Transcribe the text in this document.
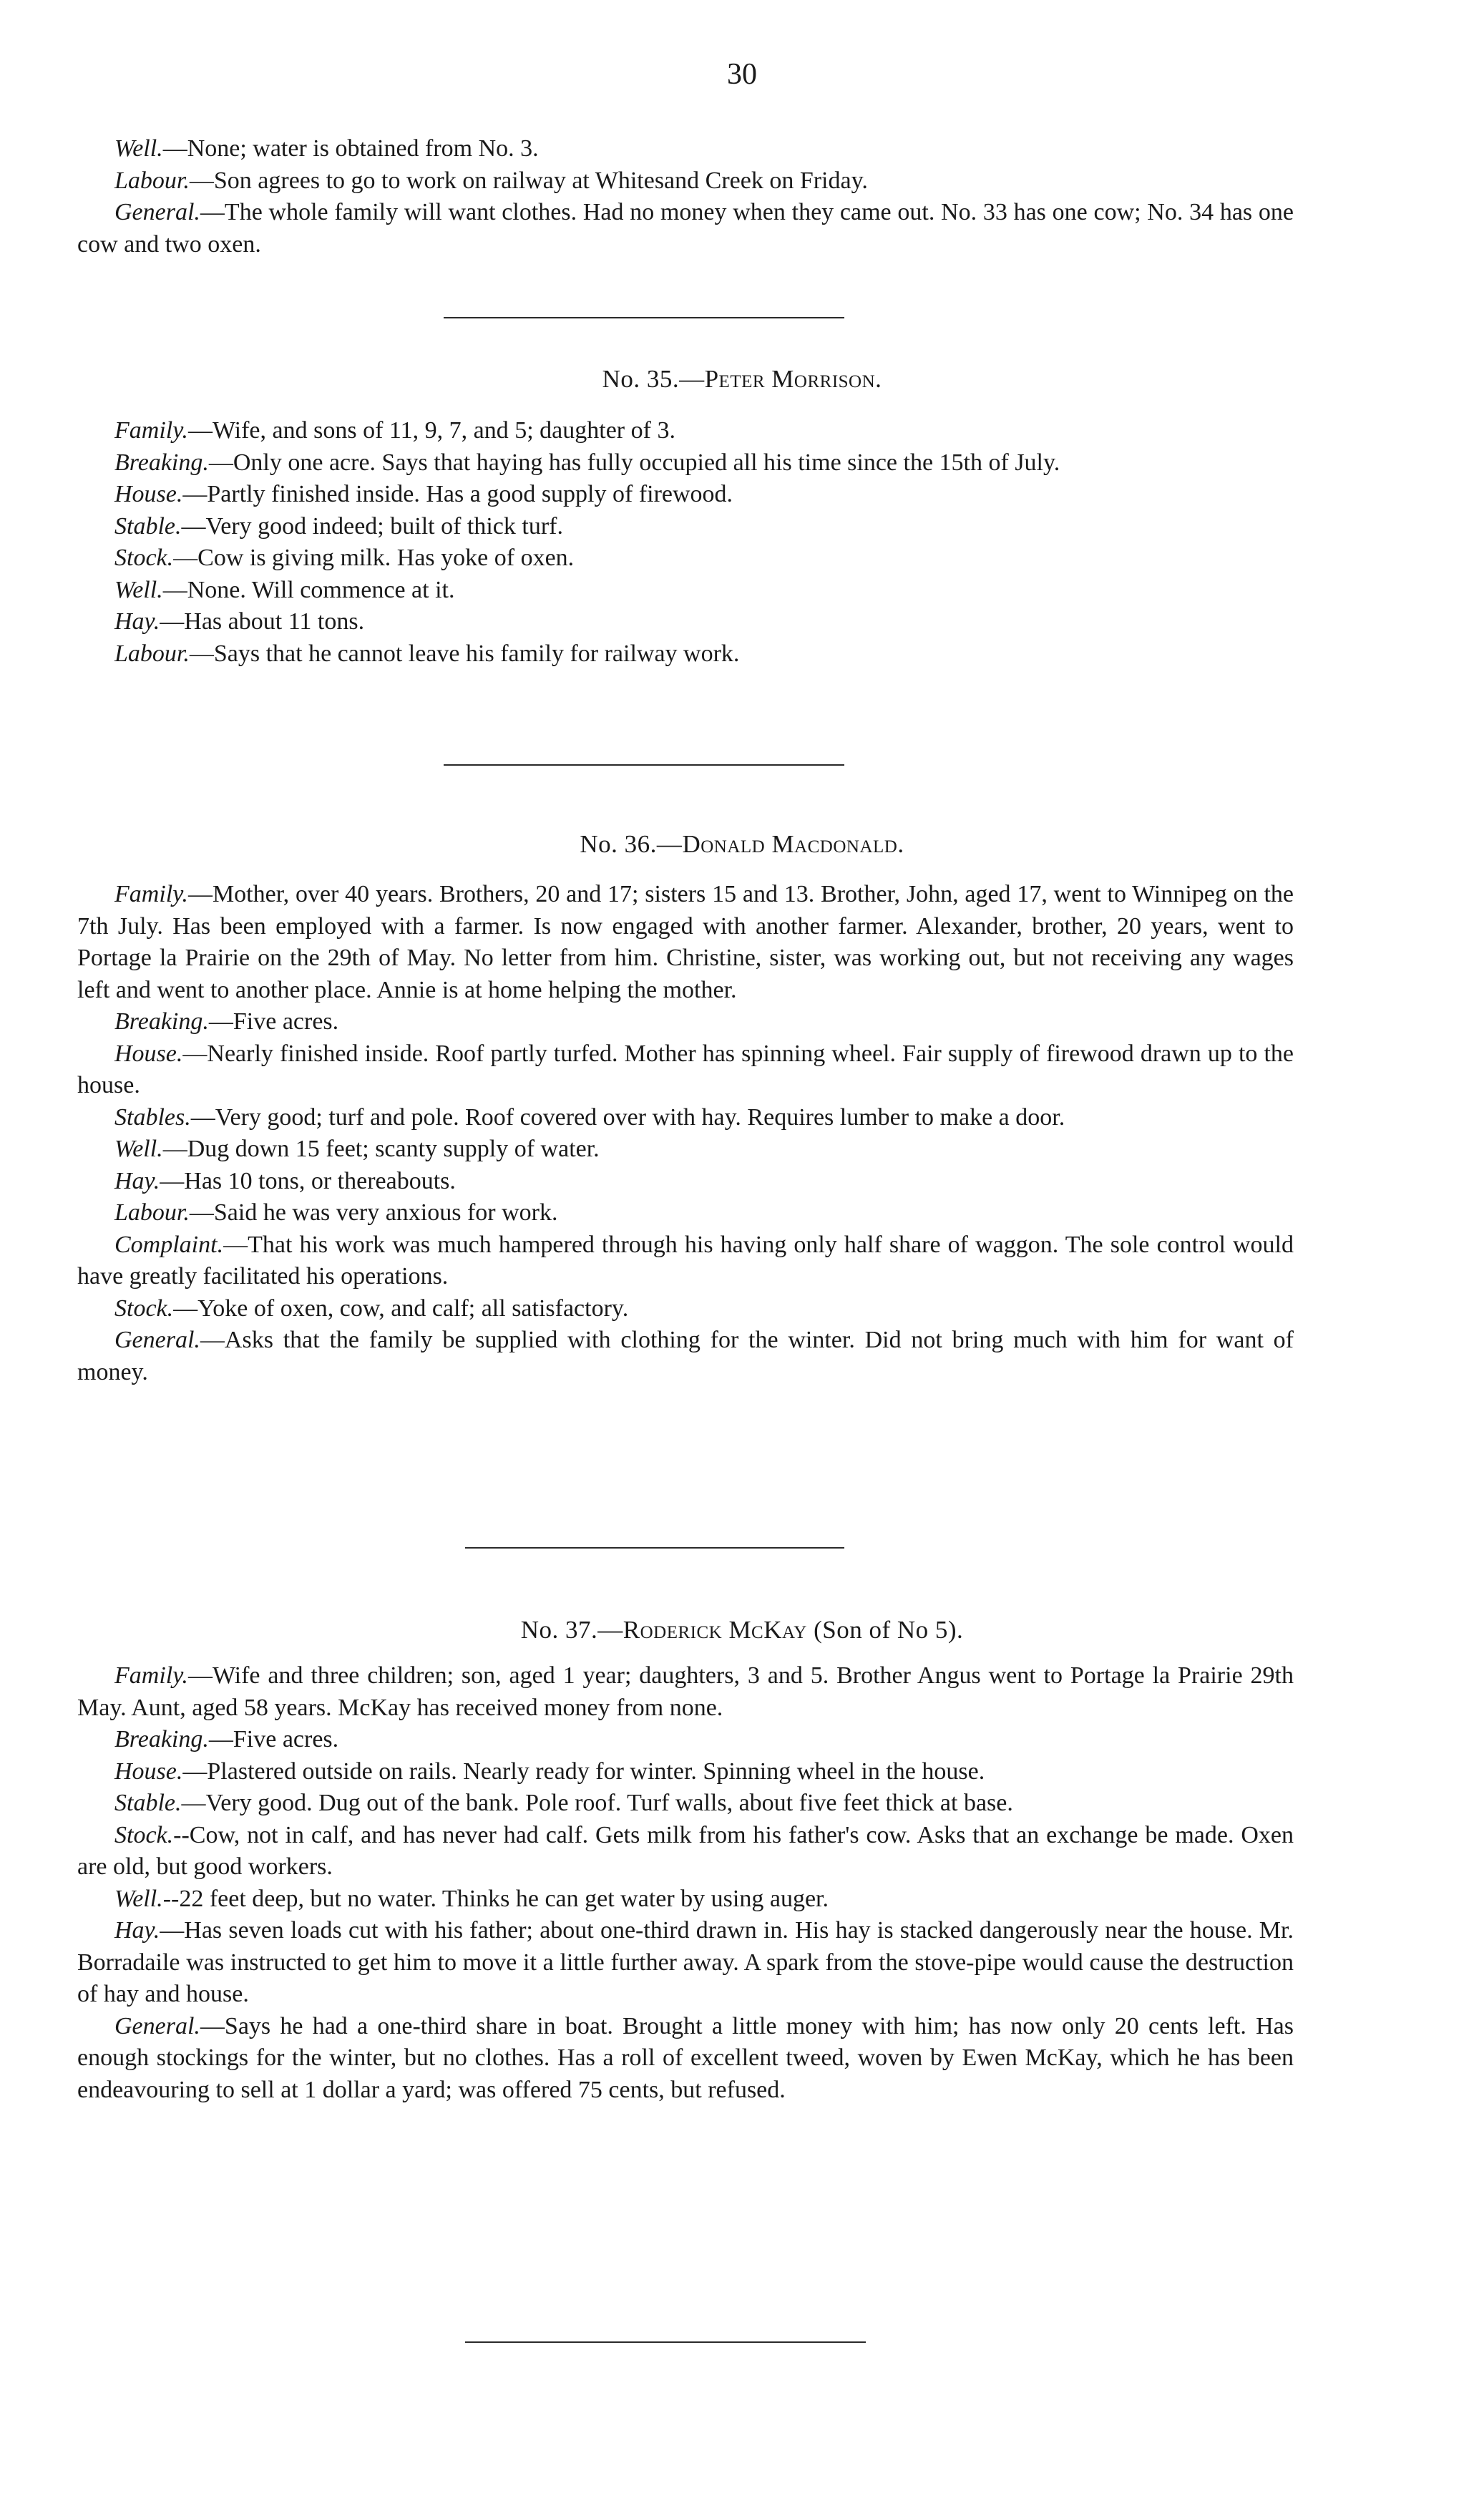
30

Well.—None; water is obtained from No. 3.

Labour.—Son agrees to go to work on railway at Whitesand Creek on Friday.

General.—The whole family will want clothes. Had no money when they came out. No. 33 has one cow; No. 34 has one cow and two oxen.

No. 35.—Peter Morrison.

Family.—Wife, and sons of 11, 9, 7, and 5; daughter of 3.

Breaking.—Only one acre. Says that haying has fully occupied all his time since the 15th of July.

House.—Partly finished inside. Has a good supply of firewood.

Stable.—Very good indeed; built of thick turf.

Stock.—Cow is giving milk. Has yoke of oxen.

Well.—None. Will commence at it.

Hay.—Has about 11 tons.

Labour.—Says that he cannot leave his family for railway work.

No. 36.—Donald Macdonald.

Family.—Mother, over 40 years. Brothers, 20 and 17; sisters 15 and 13. Brother, John, aged 17, went to Winnipeg on the 7th July. Has been employed with a farmer. Is now engaged with another farmer. Alexander, brother, 20 years, went to Portage la Prairie on the 29th of May. No letter from him. Christine, sister, was working out, but not receiving any wages left and went to another place. Annie is at home helping the mother.

Breaking.—Five acres.

House.—Nearly finished inside. Roof partly turfed. Mother has spinning wheel. Fair supply of firewood drawn up to the house.

Stables.—Very good; turf and pole. Roof covered over with hay. Requires lumber to make a door.

Well.—Dug down 15 feet; scanty supply of water.

Hay.—Has 10 tons, or thereabouts.

Labour.—Said he was very anxious for work.

Complaint.—That his work was much hampered through his having only half share of waggon. The sole control would have greatly facilitated his operations.

Stock.—Yoke of oxen, cow, and calf; all satisfactory.

General.—Asks that the family be supplied with clothing for the winter. Did not bring much with him for want of money.

No. 37.—Roderick McKay (Son of No 5).

Family.—Wife and three children; son, aged 1 year; daughters, 3 and 5. Brother Angus went to Portage la Prairie 29th May. Aunt, aged 58 years. McKay has received money from none.

Breaking.—Five acres.

House.—Plastered outside on rails. Nearly ready for winter. Spinning wheel in the house.

Stable.—Very good. Dug out of the bank. Pole roof. Turf walls, about five feet thick at base.

Stock.--Cow, not in calf, and has never had calf. Gets milk from his father's cow. Asks that an exchange be made. Oxen are old, but good workers.

Well.--22 feet deep, but no water. Thinks he can get water by using auger.

Hay.—Has seven loads cut with his father; about one-third drawn in. His hay is stacked dangerously near the house. Mr. Borradaile was instructed to get him to move it a little further away. A spark from the stove-pipe would cause the destruction of hay and house.

General.—Says he had a one-third share in boat. Brought a little money with him; has now only 20 cents left. Has enough stockings for the winter, but no clothes. Has a roll of excellent tweed, woven by Ewen McKay, which he has been endeavouring to sell at 1 dollar a yard; was offered 75 cents, but refused.
